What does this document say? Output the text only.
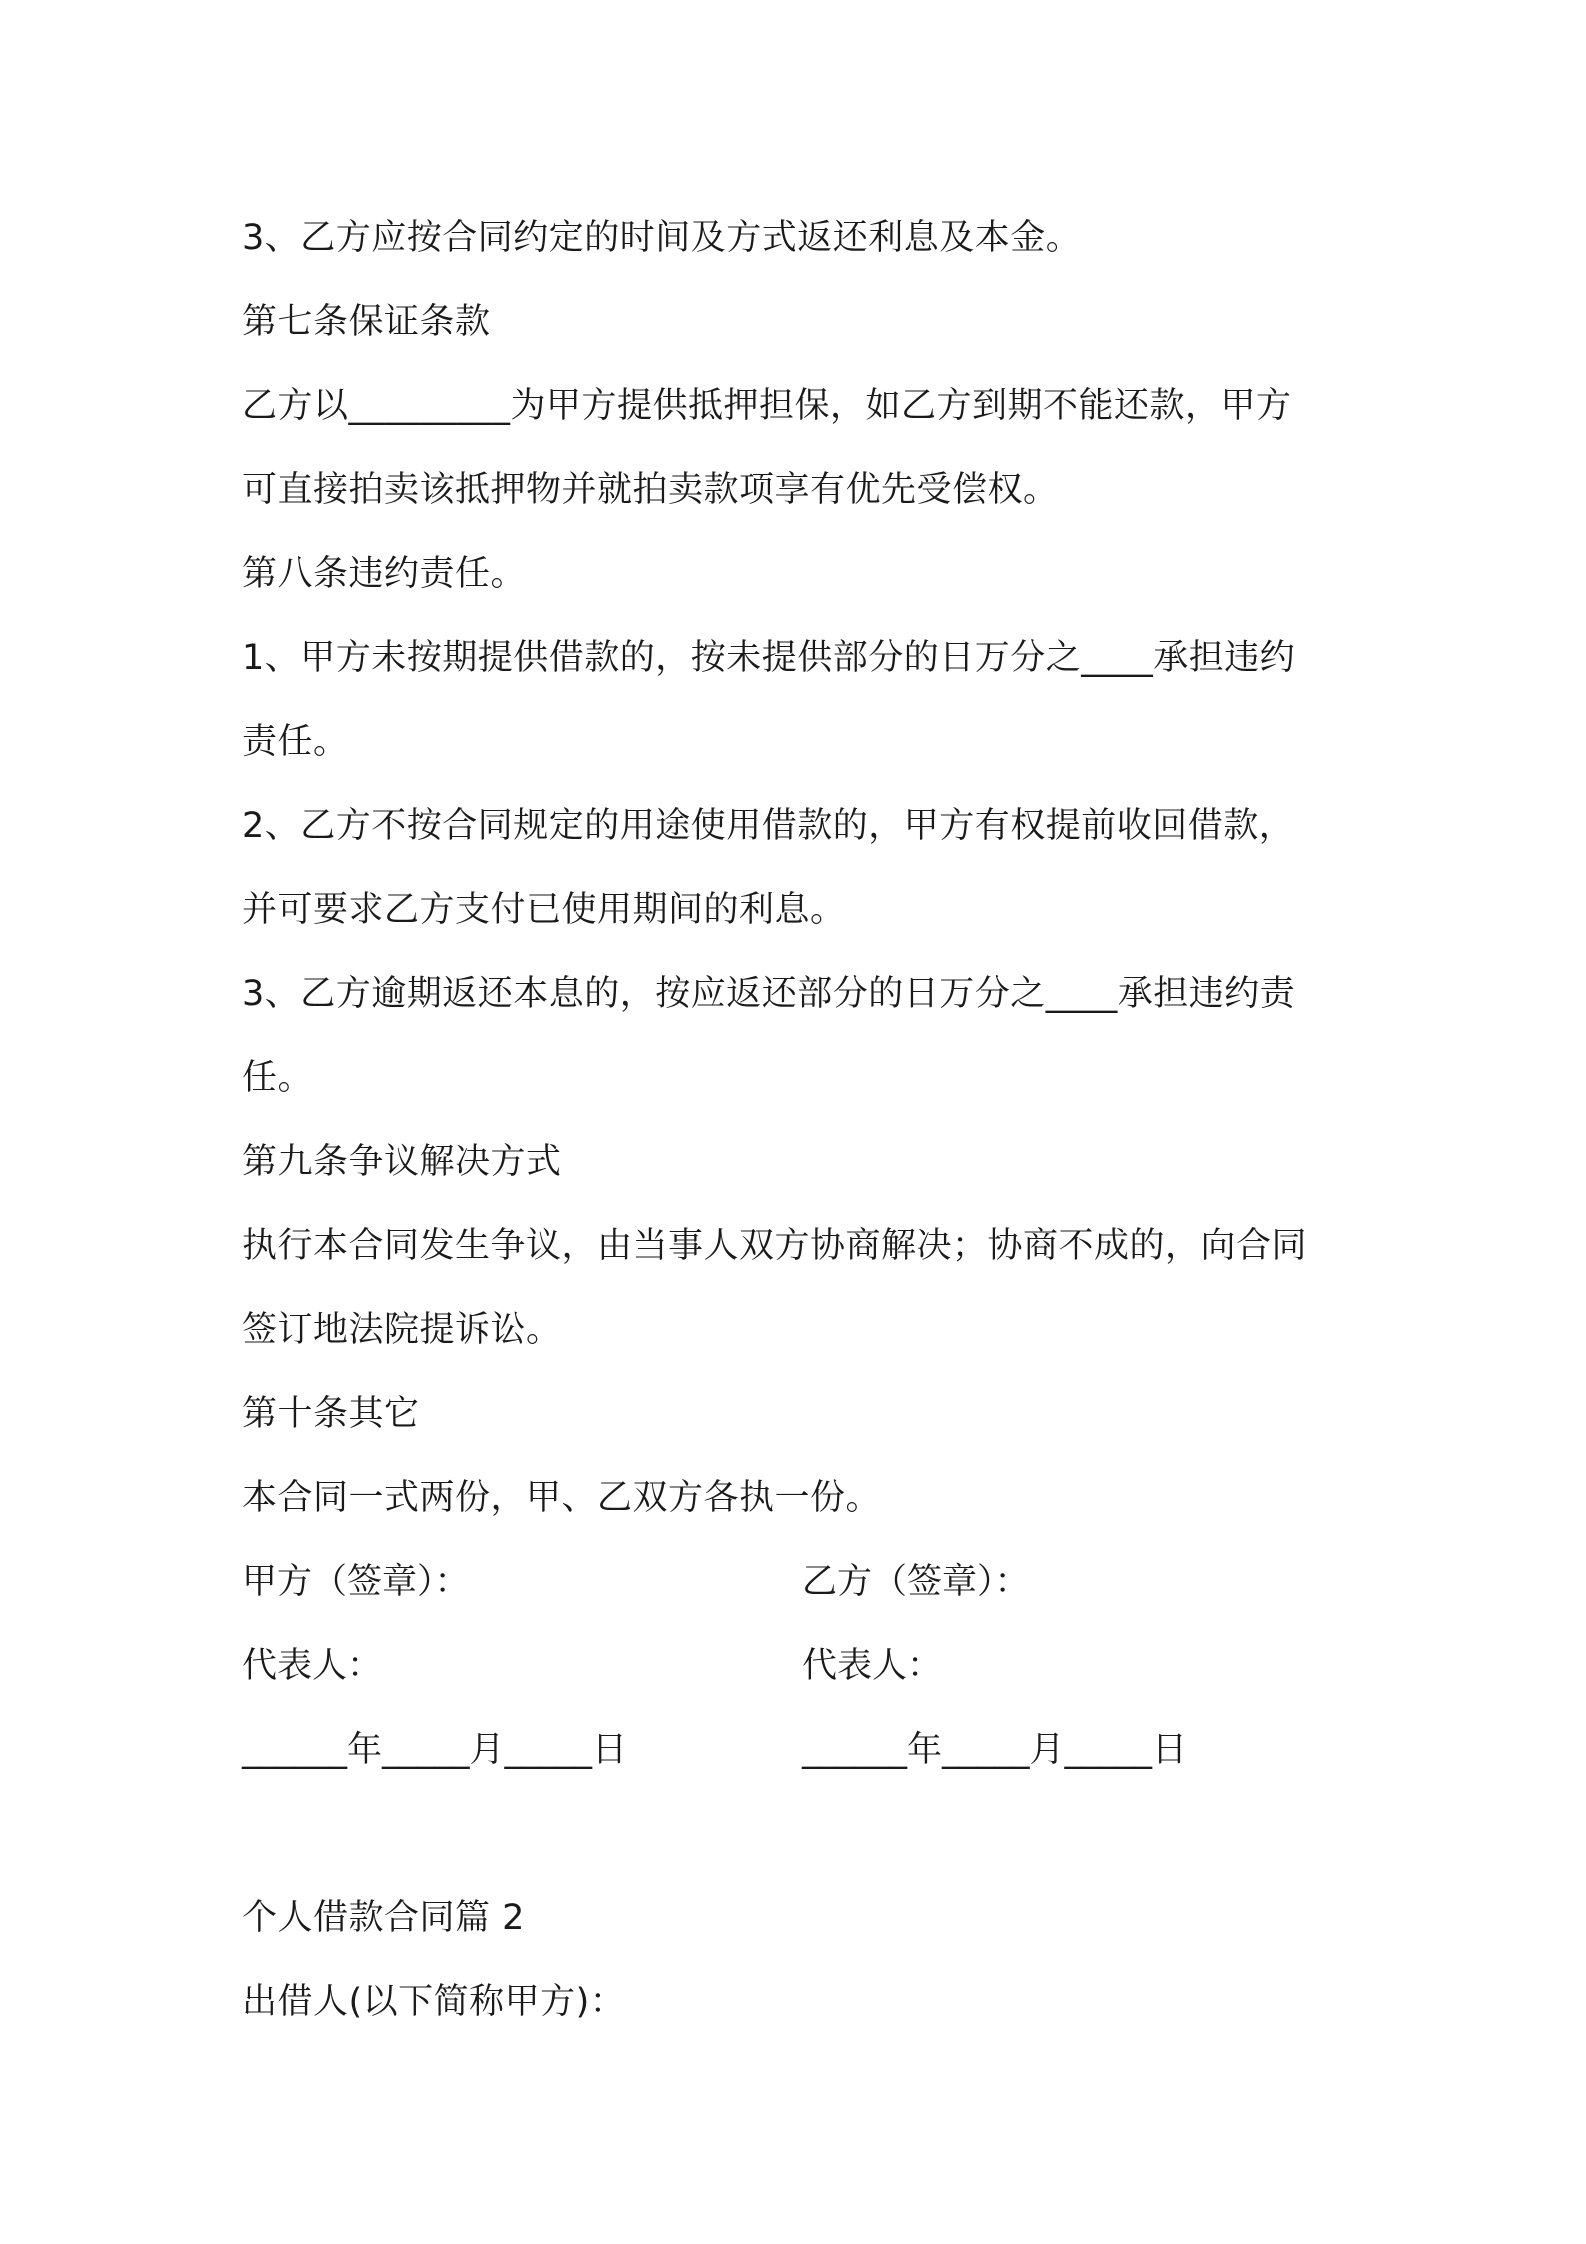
3、乙方应按合同约定的时间及方式返还利息及本金。
第七条保证条款
乙方以_________为甲方提供抵押担保，如乙方到期不能还款，甲方
可直接拍卖该抵押物并就拍卖款项享有优先受偿权。
第八条违约责任。
1、甲方未按期提供借款的，按未提供部分的日万分之____承担违约
责任。
2、乙方不按合同规定的用途使用借款的，甲方有权提前收回借款，
并可要求乙方支付已使用期间的利息。
3、乙方逾期返还本息的，按应返还部分的日万分之____承担违约责
任。
第九条争议解决方式
执行本合同发生争议，由当事人双方协商解决；协商不成的，向合同
签订地法院提诉讼。
第十条其它
本合同一式两份，甲、乙双方各执一份。
甲方（签章）：	乙方（签章）：
代表人：	代表人：
______年_____月_____日	______年_____月_____日
个人借款合同篇 2
出借人(以下简称甲方)：
